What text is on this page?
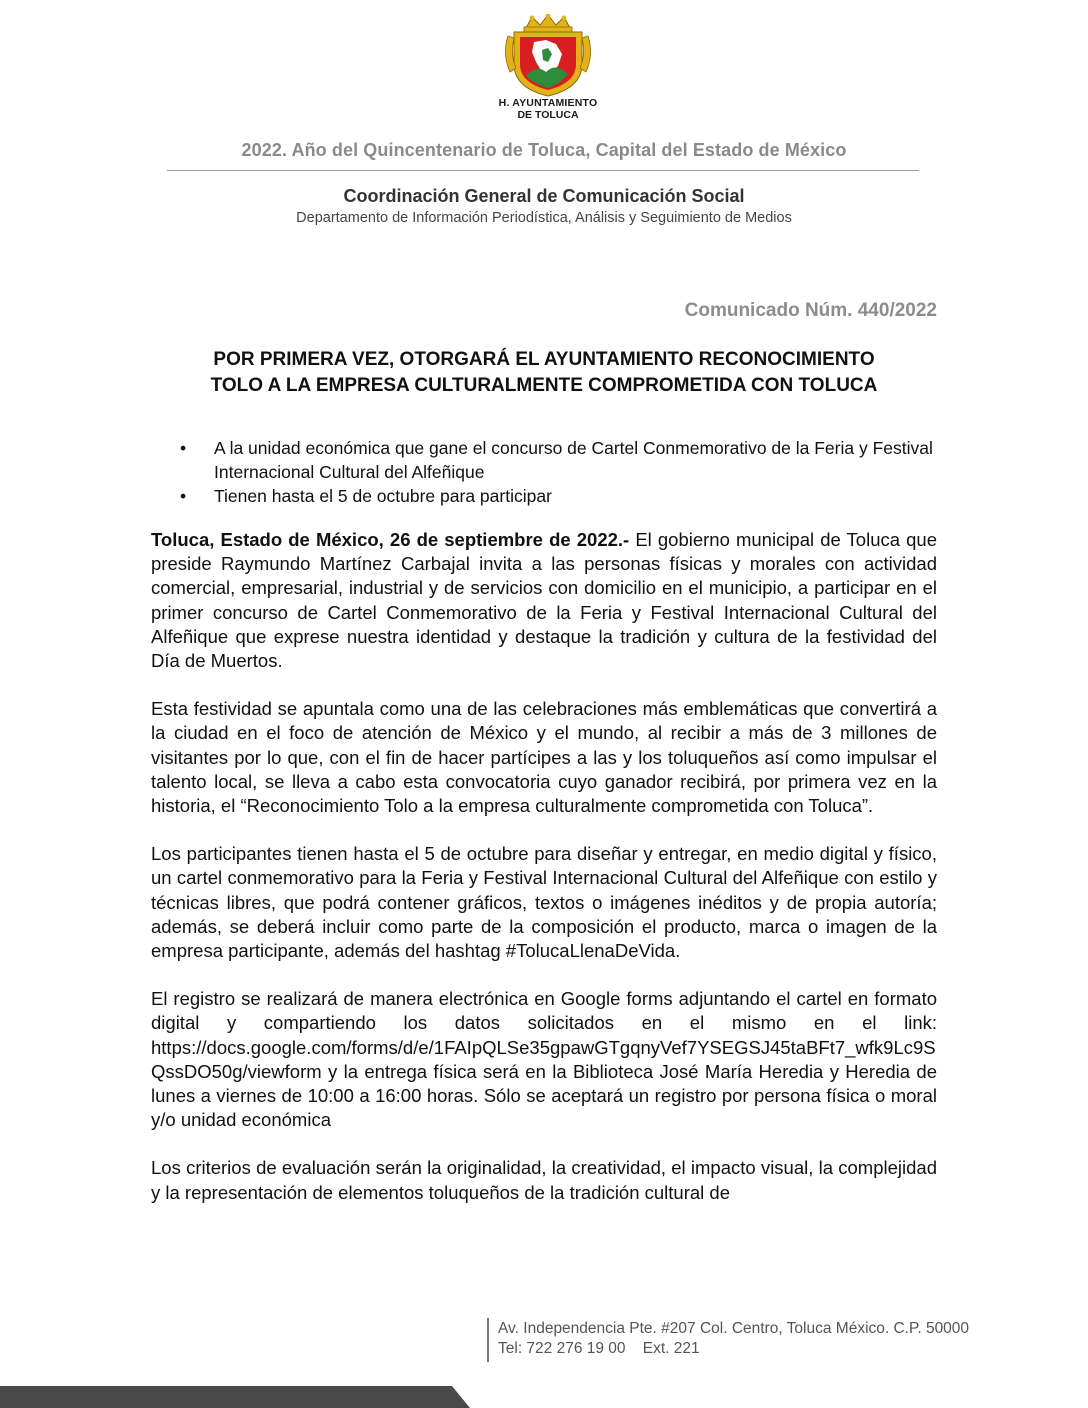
H. AYUNTAMIENTO
DE TOLUCA
2022. Año del Quincentenario de Toluca, Capital del Estado de México
Coordinación General de Comunicación Social
Departamento de Información Periodística, Análisis y Seguimiento de Medios
Comunicado Núm. 440/2022
POR PRIMERA VEZ, OTORGARÁ EL AYUNTAMIENTO RECONOCIMIENTO
TOLO A LA EMPRESA CULTURALMENTE COMPROMETIDA CON TOLUCA
• A la unidad económica que gane el concurso de Cartel Conmemorativo de la Feria y Festival Internacional Cultural del Alfeñique
• Tienen hasta el 5 de octubre para participar

Toluca, Estado de México, 26 de septiembre de 2022.- El gobierno municipal de Toluca que preside Raymundo Martínez Carbajal invita a las personas físicas y morales con actividad comercial, empresarial, industrial y de servicios con domicilio en el municipio, a participar en el primer concurso de Cartel Conmemorativo de la Feria y Festival Internacional Cultural del Alfeñique que exprese nuestra identidad y destaque la tradición y cultura de la festividad del Día de Muertos.

Esta festividad se apuntala como una de las celebraciones más emblemáticas que convertirá a la ciudad en el foco de atención de México y el mundo, al recibir a más de 3 millones de visitantes por lo que, con el fin de hacer partícipes a las y los toluqueños así como impulsar el talento local, se lleva a cabo esta convocatoria cuyo ganador recibirá, por primera vez en la historia, el “Reconocimiento Tolo a la empresa culturalmente comprometida con Toluca”.

Los participantes tienen hasta el 5 de octubre para diseñar y entregar, en medio digital y físico, un cartel conmemorativo para la Feria y Festival Internacional Cultural del Alfeñique con estilo y técnicas libres, que podrá contener gráficos, textos o imágenes inéditos y de propia autoría; además, se deberá incluir como parte de la composición el producto, marca o imagen de la empresa participante, además del hashtag #TolucaLlenaDeVida.

El registro se realizará de manera electrónica en Google forms adjuntando el cartel en formato digital y compartiendo los datos solicitados en el mismo en el link: https://docs.google.com/forms/d/e/1FAIpQLSe35gpawGTgqnyVef7YSEGSJ45taBFt7_wfk9Lc9SQssDO50g/viewform y la entrega física será en la Biblioteca José María Heredia y Heredia de lunes a viernes de 10:00 a 16:00 horas. Sólo se aceptará un registro por persona física o moral y/o unidad económica

Los criterios de evaluación serán la originalidad, la creatividad, el impacto visual, la complejidad y la representación de elementos toluqueños de la tradición cultural de

Av. Independencia Pte. #207 Col. Centro, Toluca México. C.P. 50000
Tel: 722 276 19 00    Ext. 221
